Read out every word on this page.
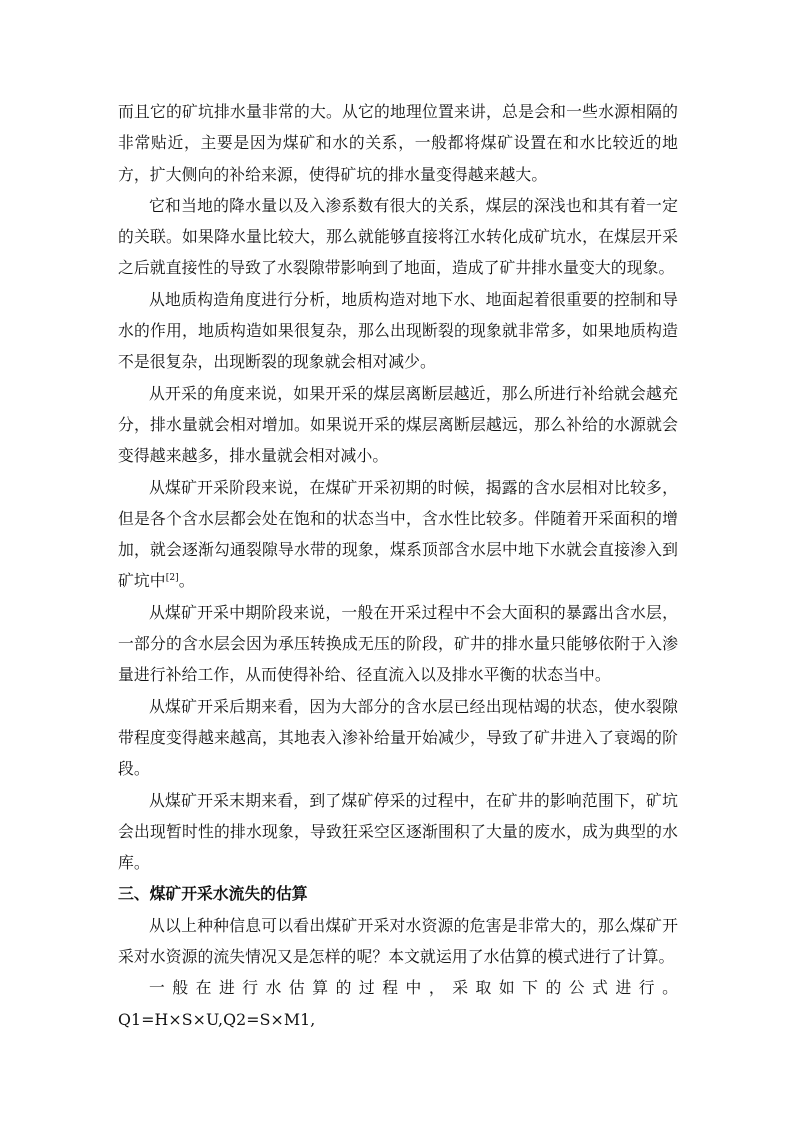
而且它的矿坑排水量非常的大。从它的地理位置来讲，总是会和一些水源相隔的非常贴近，主要是因为煤矿和水的关系，一般都将煤矿设置在和水比较近的地方，扩大侧向的补给来源，使得矿坑的排水量变得越来越大。

它和当地的降水量以及入渗系数有很大的关系，煤层的深浅也和其有着一定的关联。如果降水量比较大，那么就能够直接将江水转化成矿坑水，在煤层开采之后就直接性的导致了水裂隙带影响到了地面，造成了矿井排水量变大的现象。

从地质构造角度进行分析，地质构造对地下水、地面起着很重要的控制和导水的作用，地质构造如果很复杂，那么出现断裂的现象就非常多，如果地质构造不是很复杂，出现断裂的现象就会相对减少。

从开采的角度来说，如果开采的煤层离断层越近，那么所进行补给就会越充分，排水量就会相对增加。如果说开采的煤层离断层越远，那么补给的水源就会变得越来越多，排水量就会相对减小。

从煤矿开采阶段来说，在煤矿开采初期的时候，揭露的含水层相对比较多，但是各个含水层都会处在饱和的状态当中，含水性比较多。伴随着开采面积的增加，就会逐渐勾通裂隙导水带的现象，煤系顶部含水层中地下水就会直接渗入到矿坑中[2]。

从煤矿开采中期阶段来说，一般在开采过程中不会大面积的暴露出含水层，一部分的含水层会因为承压转换成无压的阶段，矿井的排水量只能够依附于入渗量进行补给工作，从而使得补给、径直流入以及排水平衡的状态当中。

从煤矿开采后期来看，因为大部分的含水层已经出现枯竭的状态，使水裂隙带程度变得越来越高，其地表入渗补给量开始减少，导致了矿井进入了衰竭的阶段。

从煤矿开采末期来看，到了煤矿停采的过程中，在矿井的影响范围下，矿坑会出现暂时性的排水现象，导致狂采空区逐渐围积了大量的废水，成为典型的水库。

三、煤矿开采水流失的估算

从以上种种信息可以看出煤矿开采对水资源的危害是非常大的，那么煤矿开采对水资源的流失情况又是怎样的呢？本文就运用了水估算的模式进行了计算。

一般在进行水估算的过程中，采取如下的公式进行。Q1=H×S×U,Q2=S×M1,
